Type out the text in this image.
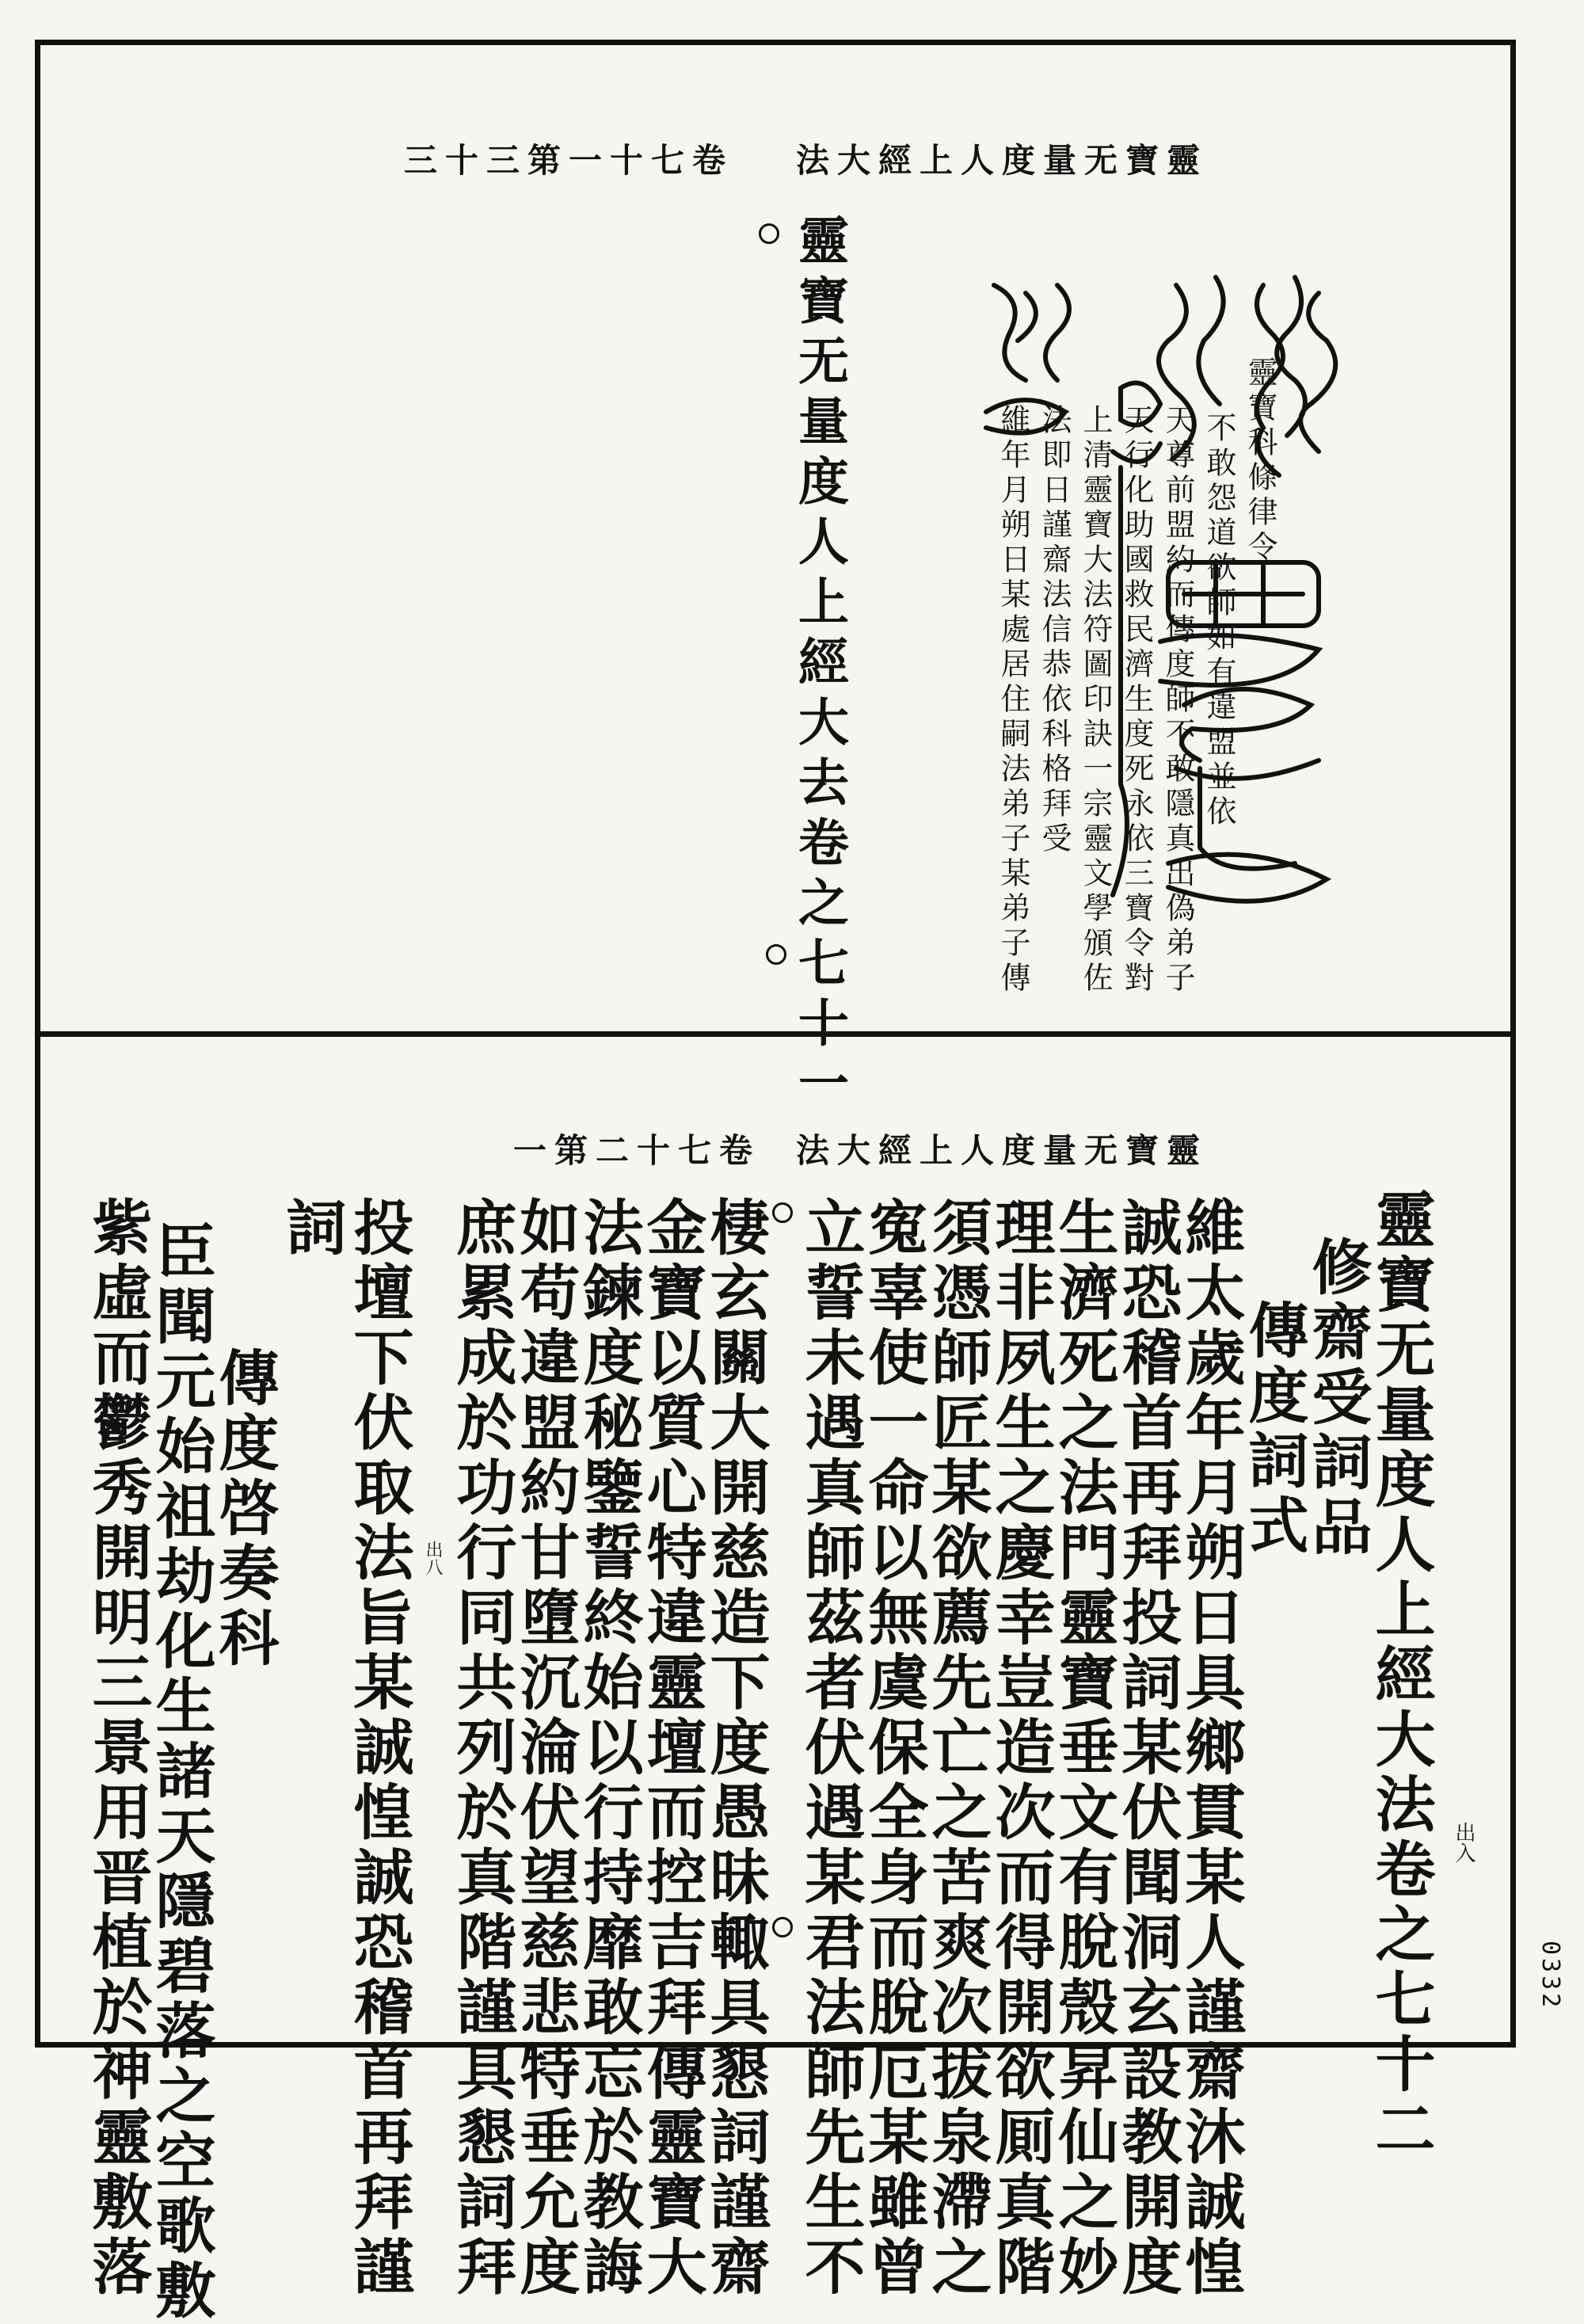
法大經上人度量无寶靈
三十三第一十七卷
靈寶无量度人上經大去卷之七十一	靈寶科條律令
不敢怨道欲師如有違盟並依
天尊前盟約而傳度師不敢隱真出偽弟子
天行化助國救民濟生度死永依三寶令對
上清靈寶大法符圖印訣一宗靈文學頒佐
法即日謹齋法信恭依科格拜受
維年月朔日某處居住嗣法弟子某弟子傳
法大經上人度量无寶靈
一第二十七卷
出入
靈寶无量度人上經大法卷之七十二
修齋受詞品
傳度詞式
維太歲年月朔日具鄉貫某人謹齋沐誠惶
誠恐稽首再拜投詞某伏聞洞玄設教開度
生濟死之法門靈寶垂文有脫殼昇仙之妙
理非夙生之慶幸豈造次而得開欲厠真階
須憑師匠某欲薦先亡之苦爽次拔泉滯之
寃辜使一命以無虞保全身而脫厄某雖曾
立誓未遇真師茲者伏遇某君法師先生不
棲玄關大開慈造下度愚昧輙具懇詞謹齋
金寶以質心特違靈壇而控吉拜傳靈寶大
法鍊度秘鑒誓終始以行持靡敢忘於教誨
如苟違盟約甘墮沉淪伏望慈悲特垂允度
庶累成於功行同共列於真階謹具懇詞拜
出八
投壇下伏取法旨某誠惶誠恐稽首再拜謹
詞
傳度啓奏科
臣聞元始祖劫化生諸天隱碧落之空歌敷
紫虛而鬱秀開明三景用晋植於神靈敷落	0332
